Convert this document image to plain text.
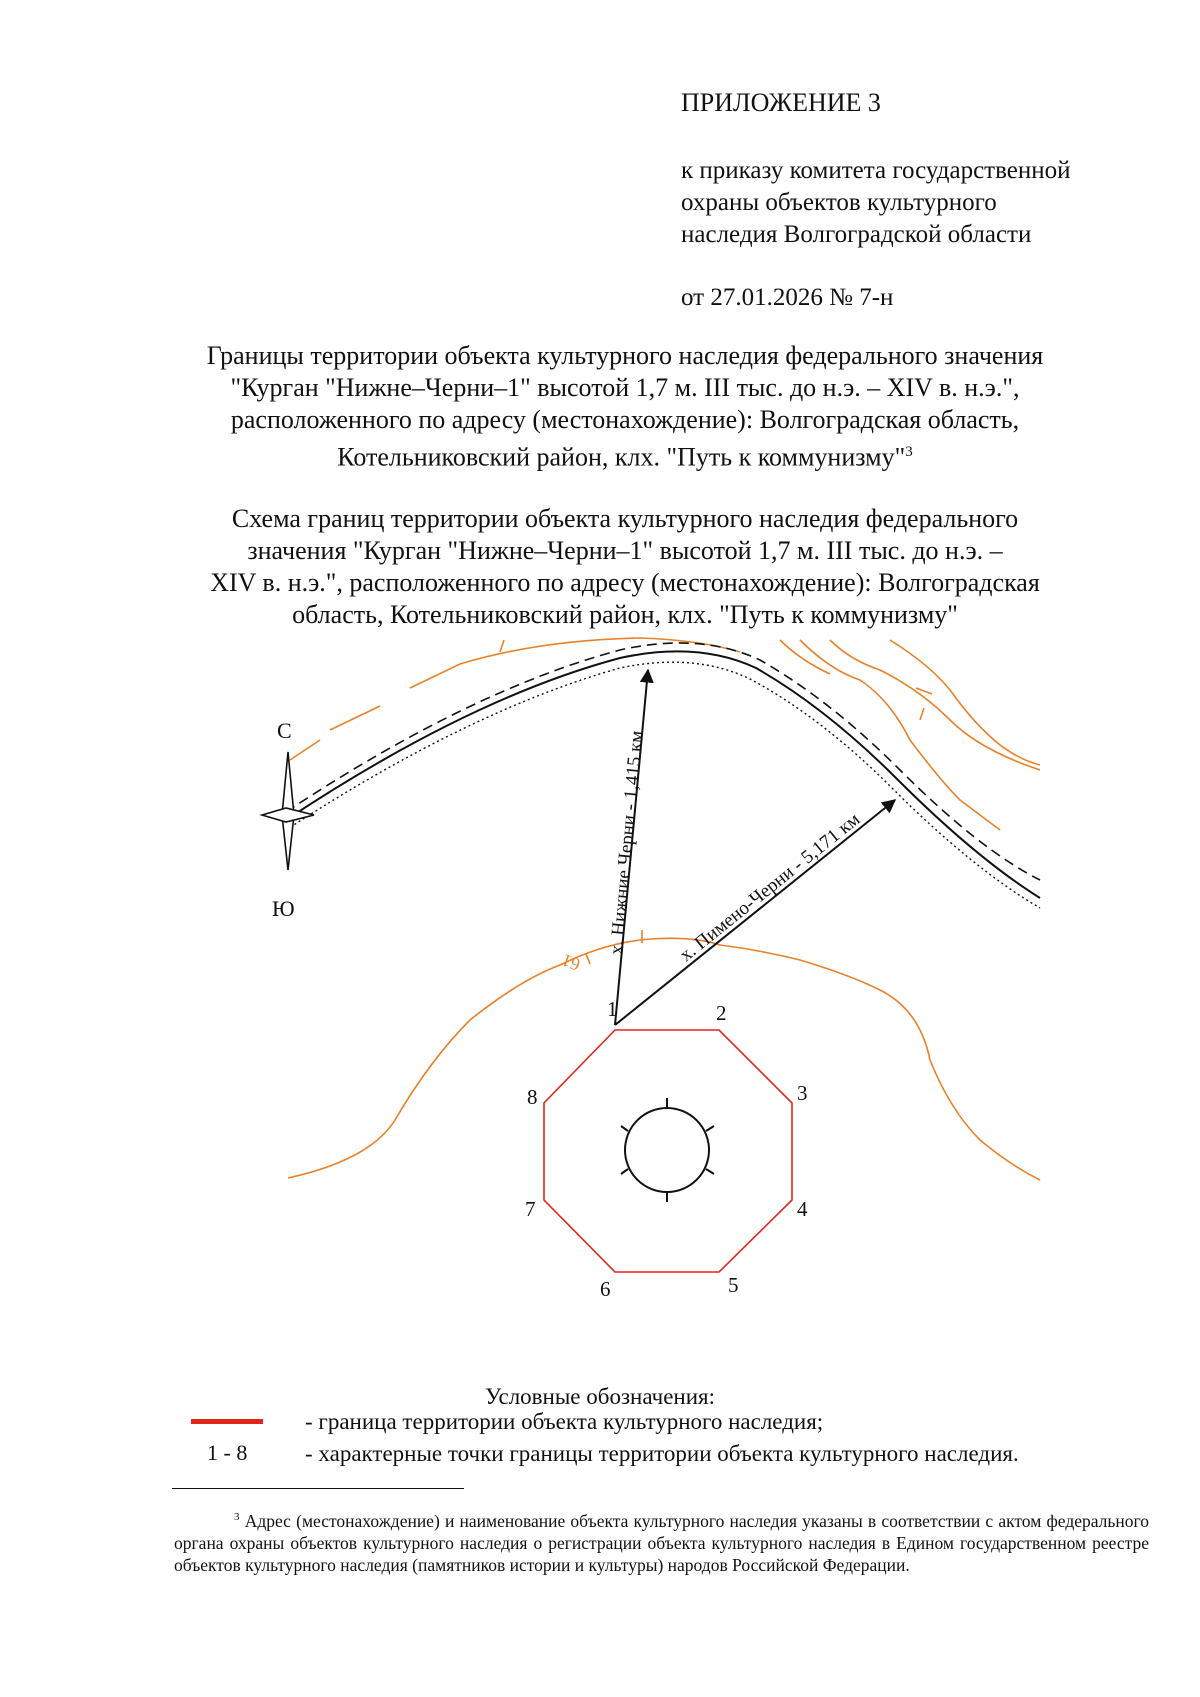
ПРИЛОЖЕНИЕ 3
к приказу комитета государственной
охраны объектов культурного
наследия Волгоградской области
от 27.01.2026 № 7-н
Границы территории объекта культурного наследия федерального значения
"Курган "Нижне–Черни–1" высотой 1,7 м. III тыс. до н.э. – XIV в. н.э.",
расположенного по адресу (местонахождение): Волгоградская область,
Котельниковский район, клх. "Путь к коммунизму"$^3$
Схема границ территории объекта культурного наследия федерального
значения "Курган "Нижне–Черни–1" высотой 1,7 м. III тыс. до н.э. –
XIV в. н.э.", расположенного по адресу (местонахождение): Волгоградская
область, Котельниковский район, клх. "Путь к коммунизму"
61
С
Ю	х. Нижние Черни - 1,415 км х. Пимено-Черни - 5,171 км
1	2
3
4
5
6
7
8
Условные обозначения:
- граница территории объекта культурного наследия;
1 - 8	- характерные точки границы территории объекта культурного наследия.
$^3$ Адрес (местонахождение) и наименование объекта культурного наследия указаны в соответствии с актом федерального органа охраны объектов культурного наследия о регистрации объекта культурного наследия в Едином государственном реестре объектов культурного наследия (памятников истории и культуры) народов Российской Федерации.
